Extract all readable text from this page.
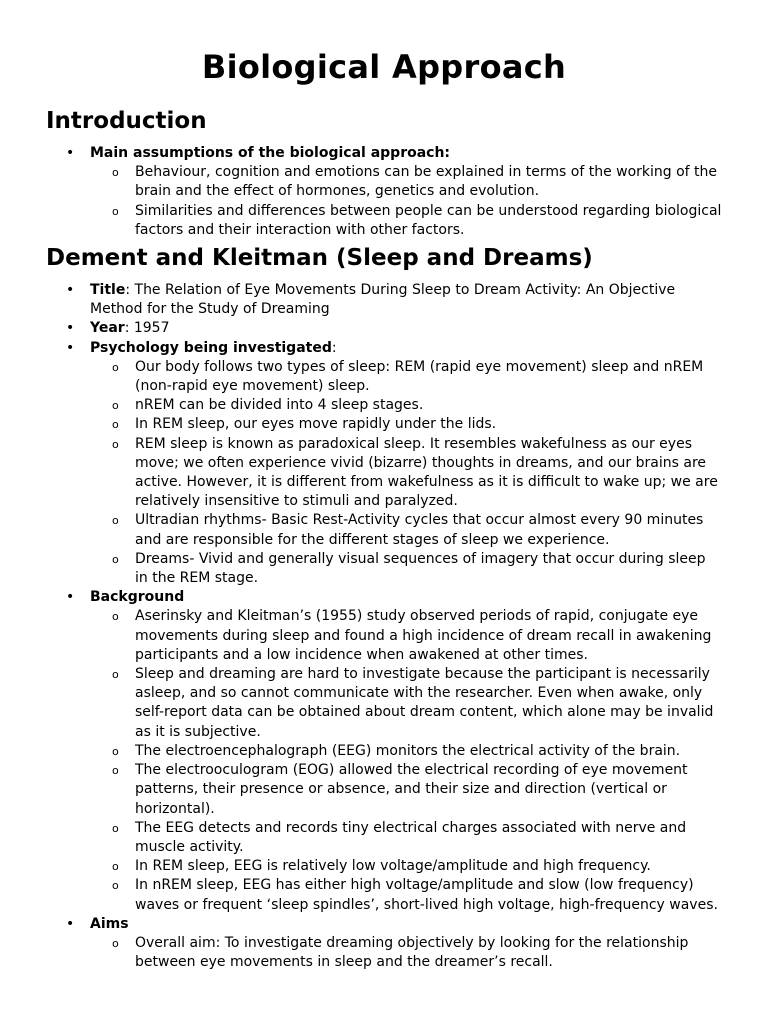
Biological Approach
Introduction
• Main assumptions of the biological approach:
o Behaviour, cognition and emotions can be explained in terms of the working of the brain and the effect of hormones, genetics and evolution.
o Similarities and differences between people can be understood regarding biological factors and their interaction with other factors.
Dement and Kleitman (Sleep and Dreams)
• Title: The Relation of Eye Movements During Sleep to Dream Activity: An Objective Method for the Study of Dreaming
• Year: 1957
• Psychology being investigated:
o Our body follows two types of sleep: REM (rapid eye movement) sleep and nREM (non-rapid eye movement) sleep.
o nREM can be divided into 4 sleep stages.
o In REM sleep, our eyes move rapidly under the lids.
o REM sleep is known as paradoxical sleep. It resembles wakefulness as our eyes move; we often experience vivid (bizarre) thoughts in dreams, and our brains are active. However, it is different from wakefulness as it is difficult to wake up; we are relatively insensitive to stimuli and paralyzed.
o Ultradian rhythms- Basic Rest-Activity cycles that occur almost every 90 minutes and are responsible for the different stages of sleep we experience.
o Dreams- Vivid and generally visual sequences of imagery that occur during sleep in the REM stage.
• Background
o Aserinsky and Kleitman’s (1955) study observed periods of rapid, conjugate eye movements during sleep and found a high incidence of dream recall in awakening participants and a low incidence when awakened at other times.
o Sleep and dreaming are hard to investigate because the participant is necessarily asleep, and so cannot communicate with the researcher. Even when awake, only self-report data can be obtained about dream content, which alone may be invalid as it is subjective.
o The electroencephalograph (EEG) monitors the electrical activity of the brain.
o The electrooculogram (EOG) allowed the electrical recording of eye movement patterns, their presence or absence, and their size and direction (vertical or horizontal).
o The EEG detects and records tiny electrical charges associated with nerve and muscle activity.
o In REM sleep, EEG is relatively low voltage/amplitude and high frequency.
o In nREM sleep, EEG has either high voltage/amplitude and slow (low frequency) waves or frequent ‘sleep spindles’, short-lived high voltage, high-frequency waves.
• Aims
o Overall aim: To investigate dreaming objectively by looking for the relationship between eye movements in sleep and the dreamer’s recall.
